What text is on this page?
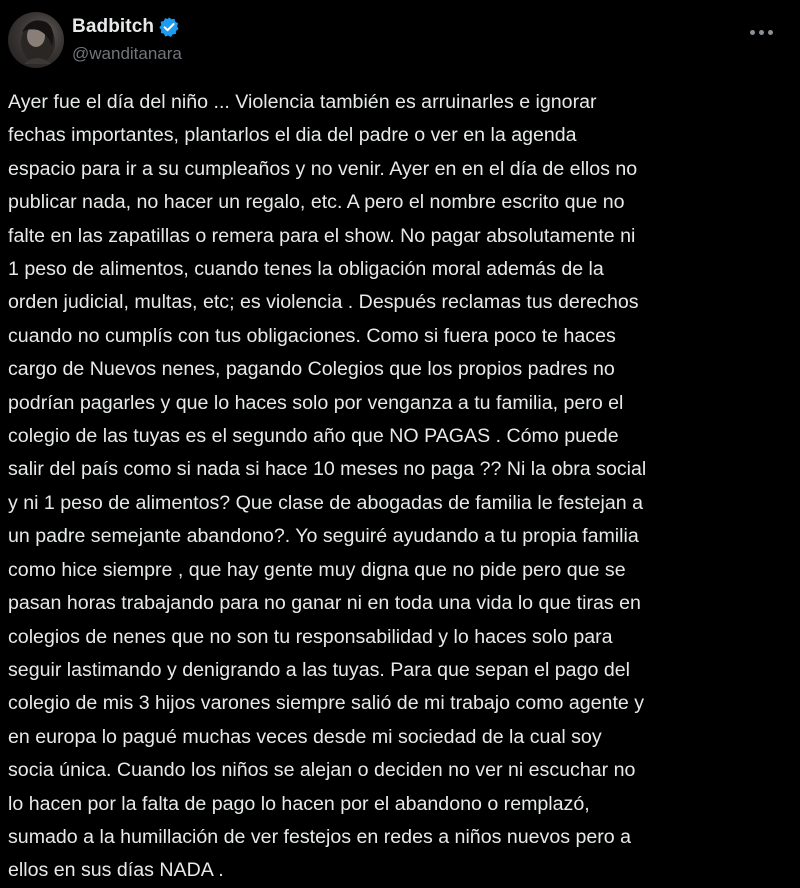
Badbitch
@wanditanara
Ayer fue el día del niño ... Violencia también es arruinarles e ignorar
fechas importantes, plantarlos el dia del padre o ver en la agenda
espacio para ir a su cumpleaños y no venir. Ayer en en el día de ellos no
publicar nada, no hacer un regalo, etc. A pero el nombre escrito que no
falte en las zapatillas o remera para el show. No pagar absolutamente ni
1 peso de alimentos, cuando tenes la obligación moral además de la
orden judicial, multas, etc; es violencia . Después reclamas tus derechos
cuando no cumplís con tus obligaciones. Como si fuera poco te haces
cargo de Nuevos nenes, pagando Colegios que los propios padres no
podrían pagarles y que lo haces solo por venganza a tu familia, pero el
colegio de las tuyas es el segundo año que NO PAGAS . Cómo puede
salir del país como si nada si hace 10 meses no paga ?? Ni la obra social
y ni 1 peso de alimentos? Que clase de abogadas de familia le festejan a
un padre semejante abandono?. Yo seguiré ayudando a tu propia familia
como hice siempre , que hay gente muy digna que no pide pero que se
pasan horas trabajando para no ganar ni en toda una vida lo que tiras en
colegios de nenes que no son tu responsabilidad y lo haces solo para
seguir lastimando y denigrando a las tuyas. Para que sepan el pago del
colegio de mis 3 hijos varones siempre salió de mi trabajo como agente y
en europa lo pagué muchas veces desde mi sociedad de la cual soy
socia única. Cuando los niños se alejan o deciden no ver ni escuchar no
lo hacen por la falta de pago lo hacen por el abandono o remplazó,
sumado a la humillación de ver festejos en redes a niños nuevos pero a
ellos en sus días NADA .
